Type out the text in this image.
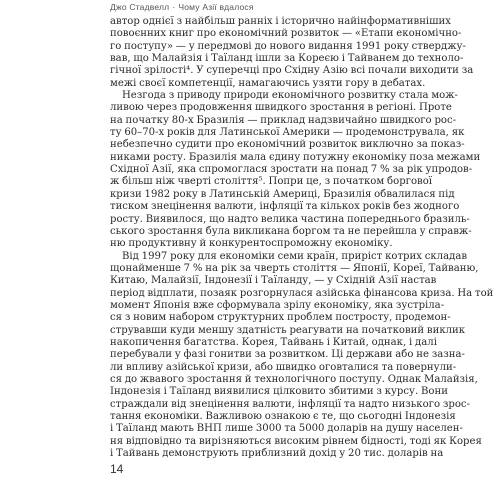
Джо Стадвелл · Чому Азії вдалося
автор однієї з найбільш ранніх і історично найінформативніших
повоєнних книг про економічний розвиток — «Етапи економічно-
го поступу» — у передмові до нового видання 1991 року стверджу-
вав, що Малайзія і Таїланд ішли за Кореєю і Тайванем до техноло-
гічної зрілості⁴. У суперечці про Східну Азію всі почали виходити за
межі своєї компетенції, намагаючись узяти гору в дебатах.
Незгода з приводу природи економічного розвитку стала мож-
ливою через продовження швидкого зростання в регіоні. Проте
на початку 80-х Бразилія — приклад надзвичайно швидкого рос-
ту 60–70-х років для Латинської Америки — продемонструвала, як
небезпечно судити про економічний розвиток виключно за показ-
никами росту. Бразилія мала єдину потужну економіку поза межами
Східної Азії, яка спромоглася зростати на понад 7 % за рік упродов-
ж більш ніж чверті століття⁵. Попри це, з початком боргової
кризи 1982 року в Латинській Америці, Бразилія обвалилася під
тиском знецінення валюти, інфляції та кількох років без жодного
росту. Виявилося, що надто велика частина попереднього бразиль-
ського зростання була викликана боргом та не перейшла у справж-
ню продуктивну й конкурентоспроможну економіку.
Від 1997 року для економіки семи країн, приріст котрих складав
щонайменше 7 % на рік за чверть століття — Японії, Кореї, Тайваню,
Китаю, Малайзії, Індонезії і Таїланду, — у Східній Азії настав
період відплати, позаяк розгорнулася азійська фінансова криза. На той
момент Японія вже сформувала зрілу економіку, яка зустріла-
ся з новим набором структурних проблем постросту, продемон-
струвавши куди меншу здатність реагувати на початковий виклик
накопичення багатства. Корея, Тайвань і Китай, однак, і далі
перебували у фазі гонитви за розвитком. Ці держави або не зазна-
ли впливу азійської кризи, або швидко оговталися та повернули-
ся до жвавого зростання й технологічного поступу. Однак Малайзія,
Індонезія і Таїланд виявилися цілковито збитими з курсу. Вони
страждали від знецінення валюти, інфляції та надто низького зрос-
тання економіки. Важливою ознакою є те, що сьогодні Індонезія
і Таїланд мають ВНП лише 3000 та 5000 доларів на душу населен-
ня відповідно та вирізняються високим рівнем бідності, тоді як Корея
і Тайвань демонструють приблизний дохід у 20 тис. доларів на
14
